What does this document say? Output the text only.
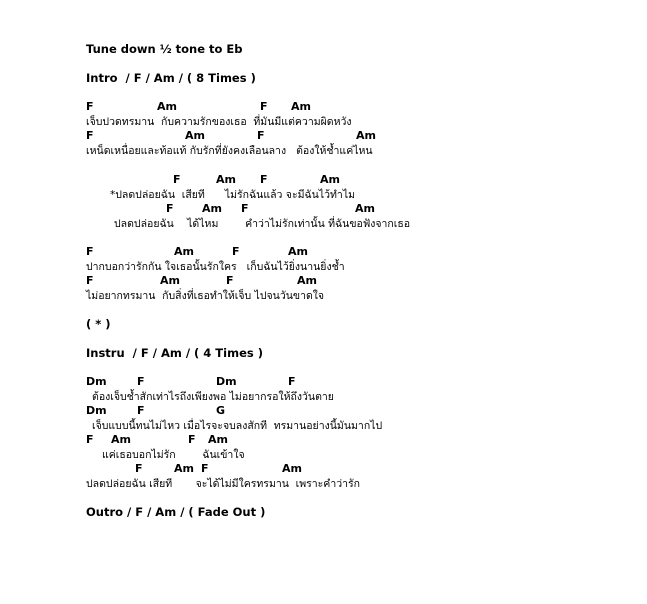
Tune down ½ tone to Eb
Intro  / F / Am / ( 8 Times )
F	Am	F Am
เจ็บปวดทรมาน  กับความรักของเธอ  ที่มันมีแต่ความผิดหวัง
F	Am	F	Am
เหน็ดเหนื่อยและท้อแท้ กับรักที่ยังคงเลือนลาง   ต้องให้ช้ำแค่ไหน
F	Am F	Am
*ปลดปล่อยฉัน  เสียที      ไม่รักฉันแล้ว จะมีฉันไว้ทำไม
F	Am F	Am
ปลดปล่อยฉัน    ได้ไหม        คำว่าไม่รักเท่านั้น ที่ฉันขอฟังจากเธอ
F	Am	F	Am
ปากบอกว่ารักกัน ใจเธอนั้นรักใคร   เก็บฉันไว้ยิ่งนานยิ่งช้ำ
F	Am	F	Am
ไม่อยากทรมาน  กับสิ่งที่เธอทำให้เจ็บ ไปจนวันขาดใจ
( * )
Instru  / F / Am / ( 4 Times )
Dm	F	Dm	F
ต้องเจ็บช้ำสักเท่าไรถึงเพียงพอ ไม่อยากรอให้ถึงวันตาย
Dm	F	G
เจ็บแบบนี้ทนไม่ไหว เมื่อไรจะจบลงสักที  ทรมานอย่างนี้มันมากไป
F Am	F Am
แค่เธอบอกไม่รัก        ฉันเข้าใจ
F	Am F	Am
ปลดปล่อยฉัน เสียที       จะได้ไม่มีใครทรมาน  เพราะคำว่ารัก
Outro / F / Am / ( Fade Out )
